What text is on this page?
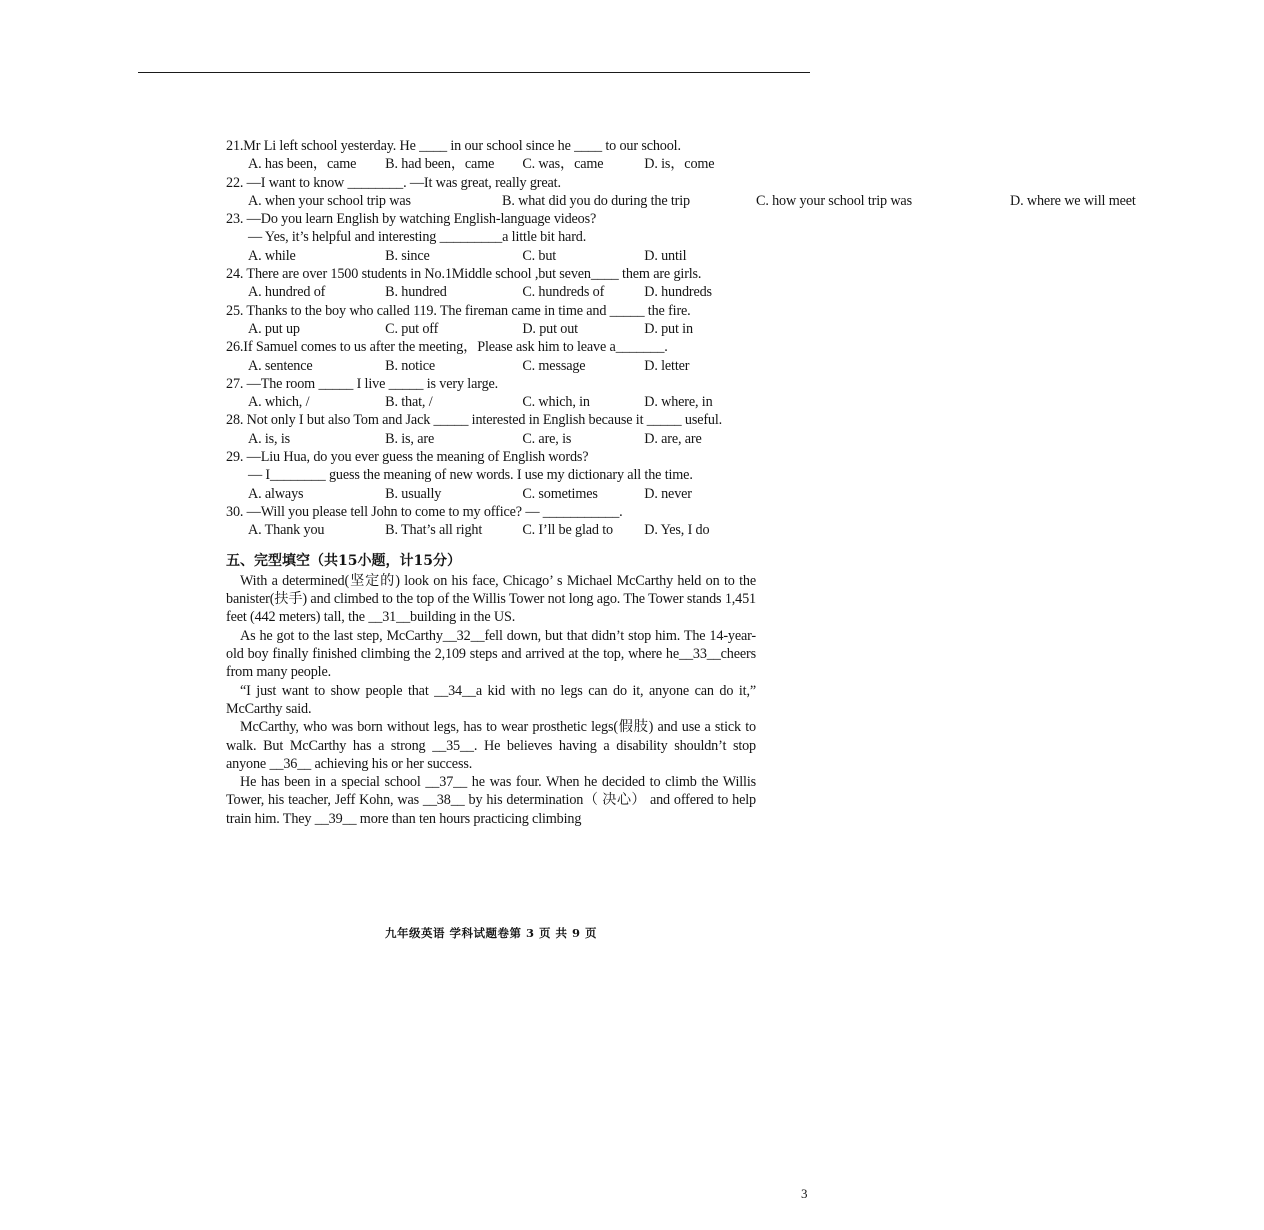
21.Mr Li left school yesterday. He ____ in our school since he ____ to our school.
A. has been，came	B. had been，came	C. was，came	D. is，come
22. —I want to know ________. —It was great, really great.
A. when your school trip was	B. what did you do during the trip	C. how your school trip was	D. where we will meet
23. —Do you learn English by watching English-language videos?
— Yes, it’s helpful and interesting _________a little bit hard.
A. while	B. since	C. but	D. until
24. There are over 1500 students in No.1Middle school ,but seven____ them are girls.
A. hundred of	B. hundred	C. hundreds of	D. hundreds
25. Thanks to the boy who called 119. The fireman came in time and _____ the fire.
A. put up	C. put off	D. put out	D. put in
26.If Samuel comes to us after the meeting，Please ask him to leave a_______.
A. sentence	B. notice	C. message	D. letter
27. —The room _____ I live _____ is very large.
A. which, /	B. that, /	C. which, in	D. where, in
28. Not only I but also Tom and Jack _____ interested in English because it _____ useful.
A. is, is	B. is, are	C. are, is	D. are, are
29. —Liu Hua, do you ever guess the meaning of English words?
— I________ guess the meaning of new words. I use my dictionary all the time.
A. always	B. usually	C. sometimes	D. never
30. —Will you please tell John to come to my office? — ___________.
A. Thank you	B. That’s all right	C. I’ll be glad to	D. Yes, I do
五、完型填空（共15小题，计15分）

With a determined(坚定的) look on his face, Chicago’ s Michael McCarthy held on to the banister(扶手) and climbed to the top of the Willis Tower not long ago. The Tower stands 1,451 feet (442 meters) tall, the __31__building in the US.

As he got to the last step, McCarthy__32__fell down, but that didn’t stop him. The 14-year-old boy finally finished climbing the 2,109 steps and arrived at the top, where he__33__cheers from many people.

“I just want to show people that __34__a kid with no legs can do it, anyone can do it,” McCarthy said.

McCarthy, who was born without legs, has to wear prosthetic legs(假肢) and use a stick to walk. But McCarthy has a strong __35__. He believes having a disability shouldn’t stop anyone __36__ achieving his or her success.

He has been in a special school __37__ he was four. When he decided to climb the Willis Tower, his teacher, Jeff Kohn, was __38__ by his determination（ 决心） and offered to help train him. They __39__ more than ten hours practicing climbing

九年级英语 学科试题卷第 3 页 共 9 页
3
